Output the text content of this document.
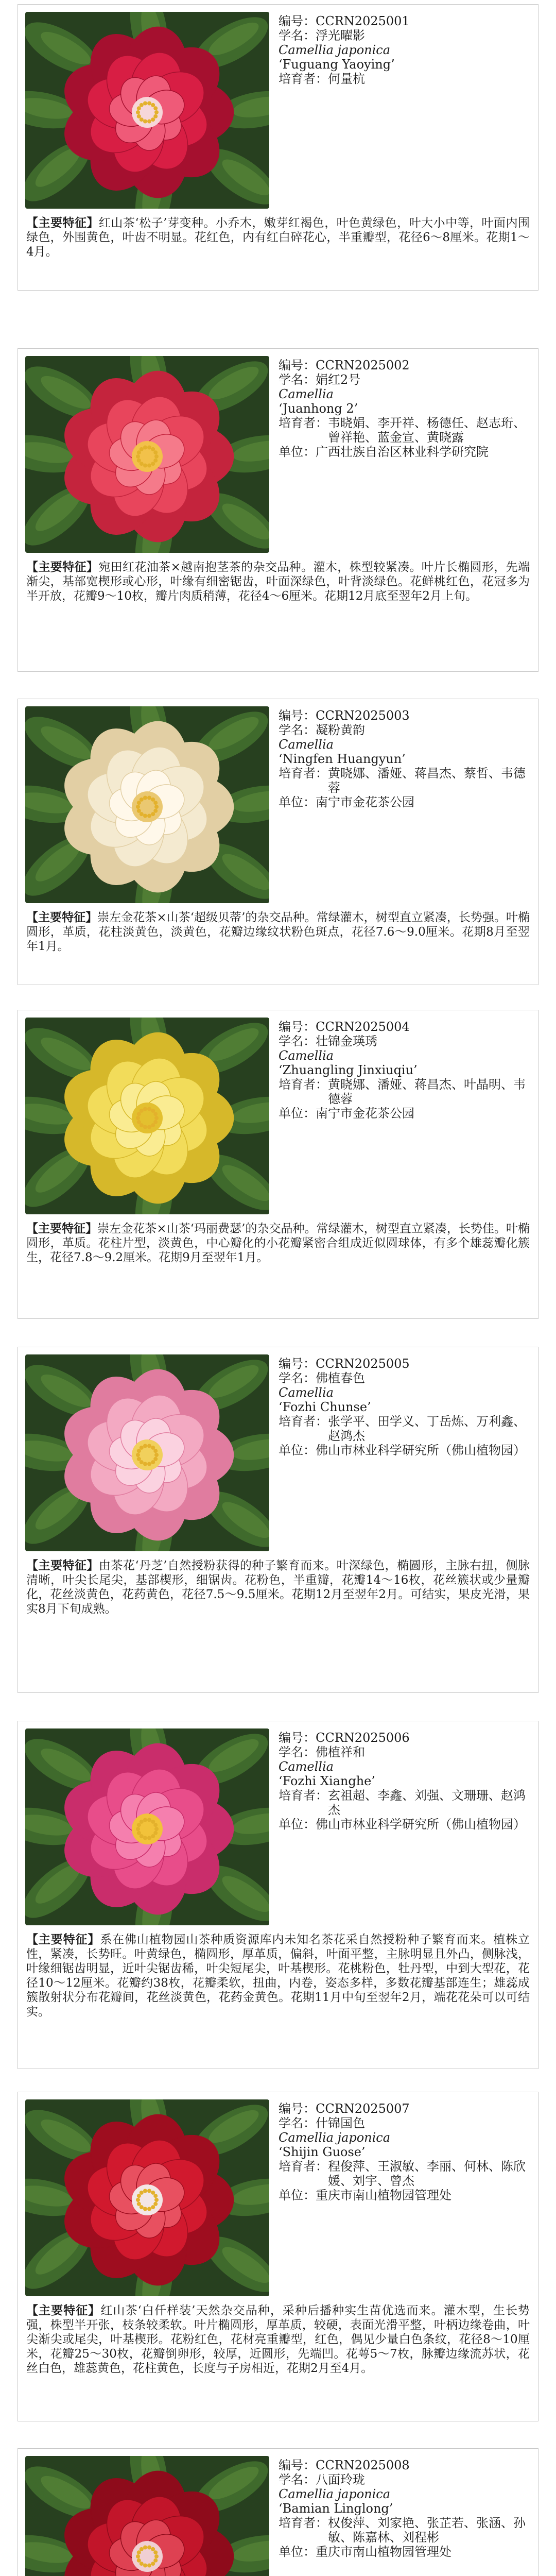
编号： CCRN2025001
学名： 浮光曜影
Camellia japonica
‘Fuguang Yaoying’
培育者： 何量杭
【主要特征】红山茶‘松子’芽变种。小乔木，嫩芽红褐色，叶色黄绿色，叶大小中等，叶面内围绿色，外围黄色，叶齿不明显。花红色，内有红白碎花心，半重瓣型，花径6～8厘米。花期1～4月。
编号： CCRN2025002
学名： 娟红2号
Camellia
‘Juanhong 2’
培育者： 韦晓娟、李开祥、杨德任、赵志珩、曾祥艳、蓝金宣、黄晓露
单位： 广西壮族自治区林业科学研究院
【主要特征】宛田红花油茶×越南抱茎茶的杂交品种。灌木，株型较紧凑。叶片长椭圆形，先端渐尖，基部宽楔形或心形，叶缘有细密锯齿，叶面深绿色，叶背淡绿色。花鲜桃红色，花冠多为半开放，花瓣9～10枚，瓣片肉质稍薄，花径4～6厘米。花期12月底至翌年2月上旬。
编号： CCRN2025003
学名： 凝粉黄韵
Camellia
‘Ningfen Huangyun’
培育者： 黄晓娜、潘娅、蒋昌杰、蔡哲、韦德蓉
单位： 南宁市金花茶公园
【主要特征】崇左金花茶×山茶‘超级贝蒂’的杂交品种。常绿灌木，树型直立紧凑，长势强。叶椭圆形，革质，花柱淡黄色，淡黄色，花瓣边缘纹状粉色斑点，花径7.6～9.0厘米。花期8月至翌年1月。
编号： CCRN2025004
学名： 壮锦金瑛琇
Camellia
‘Zhuangling Jinxiuqiu’
培育者： 黄晓娜、潘娅、蒋昌杰、叶晶明、韦德蓉
单位： 南宁市金花茶公园
【主要特征】崇左金花茶×山茶‘玛丽费瑟’的杂交品种。常绿灌木，树型直立紧凑，长势佳。叶椭圆形，革质。花柱片型，淡黄色，中心瓣化的小花瓣紧密合组成近似圆球体，有多个雄蕊瓣化簇生，花径7.8～9.2厘米。花期9月至翌年1月。
编号： CCRN2025005
学名： 佛植春色
Camellia
‘Fozhi Chunse’
培育者： 张学平、田学义、丁岳炼、万利鑫、赵鸿杰
单位： 佛山市林业科学研究所（佛山植物园）
【主要特征】由茶花‘丹芝’自然授粉获得的种子繁育而来。叶深绿色，椭圆形，主脉右扭，侧脉清晰，叶尖长尾尖，基部楔形，细锯齿。花粉色，半重瓣，花瓣14～16枚，花丝簇状或少量瓣化，花丝淡黄色，花药黄色，花径7.5～9.5厘米。花期12月至翌年2月。可结实，果皮光滑，果实8月下旬成熟。
编号： CCRN2025006
学名： 佛植祥和
Camellia
‘Fozhi Xianghe’
培育者： 玄祖超、李鑫、刘强、文珊珊、赵鸿杰
单位： 佛山市林业科学研究所（佛山植物园）
【主要特征】系在佛山植物园山茶种质资源库内未知名茶花采自然授粉种子繁育而来。植株立性，紧凑，长势旺。叶黄绿色，椭圆形，厚革质，偏斜，叶面平整，主脉明显且外凸，侧脉浅，叶缘细锯齿明显，近叶尖锯齿稀，叶尖短尾尖，叶基楔形。花桃粉色，牡丹型，中到大型花，花径10～12厘米。花瓣约38枚，花瓣柔软，扭曲，内卷，姿态多样，多数花瓣基部连生；雄蕊成簇散射状分布花瓣间，花丝淡黄色，花药金黄色。花期11月中旬至翌年2月，端花花朵可以可结实。
编号： CCRN2025007
学名： 什锦国色
Camellia japonica
‘Shijin Guose’
培育者： 程俊萍、王淑敏、李丽、何林、陈欣媛、刘宇、曾杰
单位： 重庆市南山植物园管理处
【主要特征】红山茶‘白仟样装’天然杂交品种，采种后播种实生苗优选而来。灌木型，生长势强，株型半开张，枝条较柔软。叶片椭圆形，厚革质，较硬，表面光滑平整，叶柄边缘卷曲，叶尖渐尖或尾尖，叶基楔形。花粉红色，花材亮重瓣型，红色，偶见少量白色条纹，花径8～10厘米，花瓣25～30枚，花瓣倒卵形，较厚，近圆形，先端凹。花萼5～7枚，脉瓣边缘流苏状，花丝白色，雄蕊黄色，花柱黄色，长度与子房相近，花期2月至4月。
编号： CCRN2025008
学名： 八面玲珑
Camellia japonica
‘Bamian Linglong’
培育者： 权俊萍、刘家艳、张芷若、张涵、孙敏、陈嘉林、刘程彬
单位： 重庆市南山植物园管理处
